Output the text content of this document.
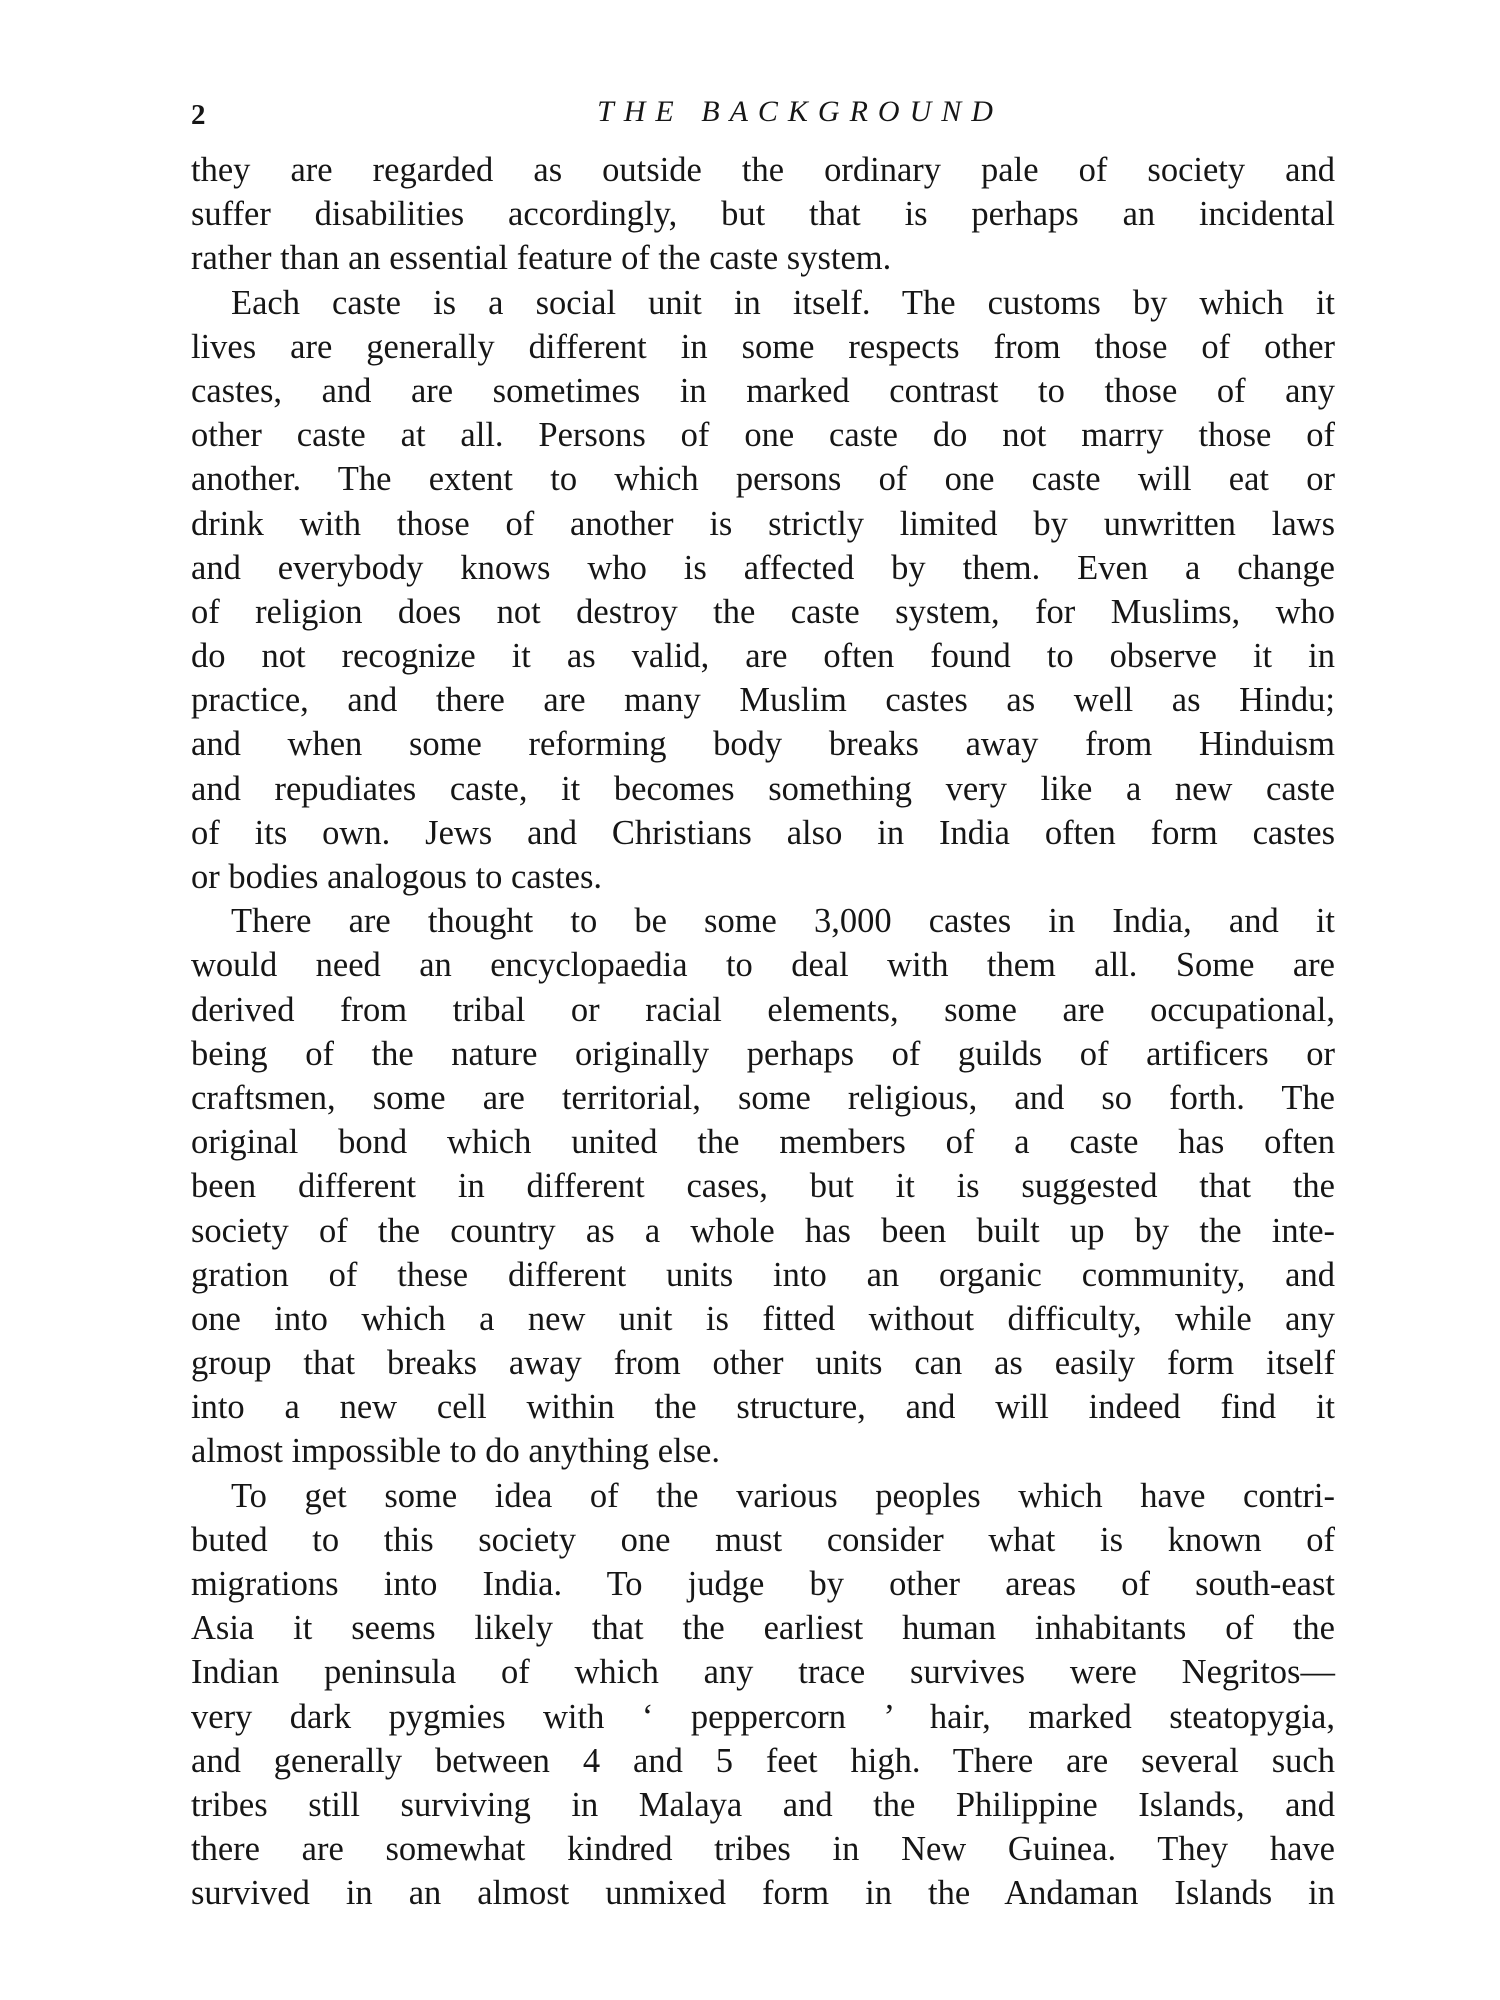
2	THE BACKGROUND
they are regarded as outside the ordinary pale of society and
suffer disabilities accordingly, but that is perhaps an incidental
rather than an essential feature of the caste system.
Each caste is a social unit in itself. The customs by which it
lives are generally different in some respects from those of other
castes, and are sometimes in marked contrast to those of any
other caste at all. Persons of one caste do not marry those of
another. The extent to which persons of one caste will eat or
drink with those of another is strictly limited by unwritten laws
and everybody knows who is affected by them. Even a change
of religion does not destroy the caste system, for Muslims, who
do not recognize it as valid, are often found to observe it in
practice, and there are many Muslim castes as well as Hindu;
and when some reforming body breaks away from Hinduism
and repudiates caste, it becomes something very like a new caste
of its own. Jews and Christians also in India often form castes
or bodies analogous to castes.
There are thought to be some 3,000 castes in India, and it
would need an encyclopaedia to deal with them all. Some are
derived from tribal or racial elements, some are occupational,
being of the nature originally perhaps of guilds of artificers or
craftsmen, some are territorial, some religious, and so forth. The
original bond which united the members of a caste has often
been different in different cases, but it is suggested that the
society of the country as a whole has been built up by the inte-
gration of these different units into an organic community, and
one into which a new unit is fitted without difficulty, while any
group that breaks away from other units can as easily form itself
into a new cell within the structure, and will indeed find it
almost impossible to do anything else.
To get some idea of the various peoples which have contri-
buted to this society one must consider what is known of
migrations into India. To judge by other areas of south-east
Asia it seems likely that the earliest human inhabitants of the
Indian peninsula of which any trace survives were Negritos—
very dark pygmies with ‘ peppercorn ’ hair, marked steatopygia,
and generally between 4 and 5 feet high. There are several such
tribes still surviving in Malaya and the Philippine Islands, and
there are somewhat kindred tribes in New Guinea. They have
survived in an almost unmixed form in the Andaman Islands in
